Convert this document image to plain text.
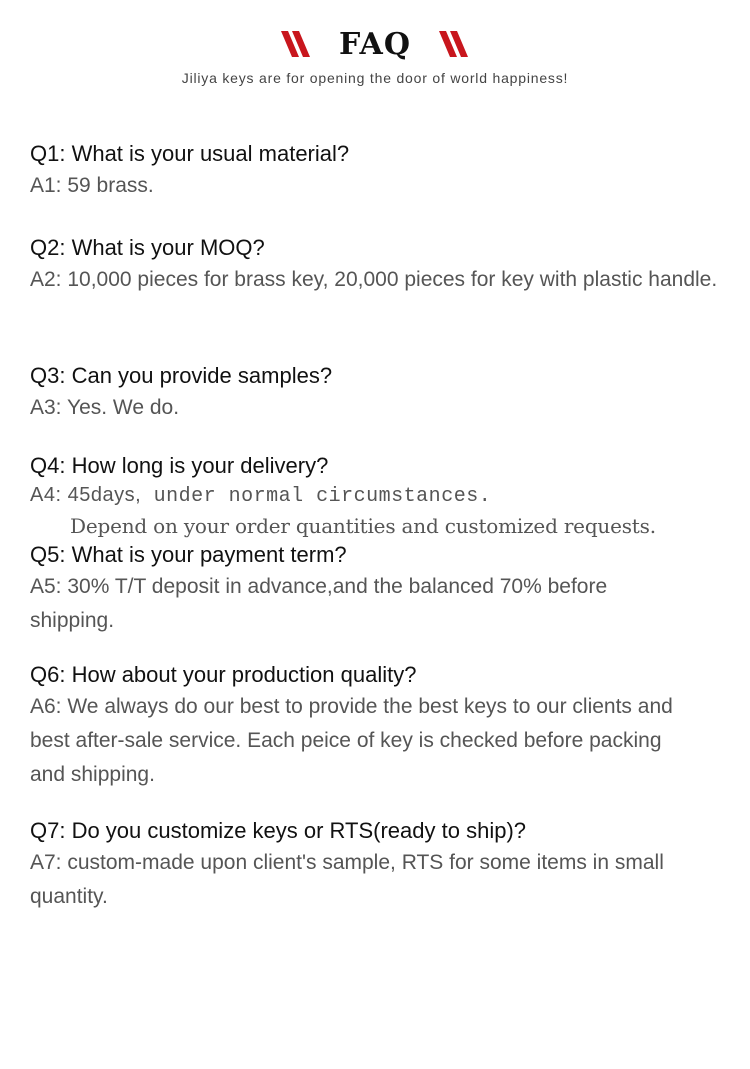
FAQ
Jiliya keys are for opening the door of world happiness!
Q1: What is your usual material?
A1: 59 brass.
Q2: What is your MOQ?
A2: 10,000 pieces for brass key, 20,000 pieces for key with plastic handle.
Q3: Can you provide samples?
A3: Yes. We do.
Q4: How long is your delivery?
A4: 45days, under normal circumstances.
Depend on your order quantities and customized requests.
Q5: What is your payment term?
A5: 30% T/T deposit in advance,and the balanced 70% before shipping.
Q6: How about your production quality?
A6: We always do our best to provide the best keys to our clients and best after-sale service. Each peice of key is checked before packing and shipping.
Q7: Do you customize keys or RTS(ready to ship)?
A7: custom-made upon client's sample, RTS for some items in small quantity.
